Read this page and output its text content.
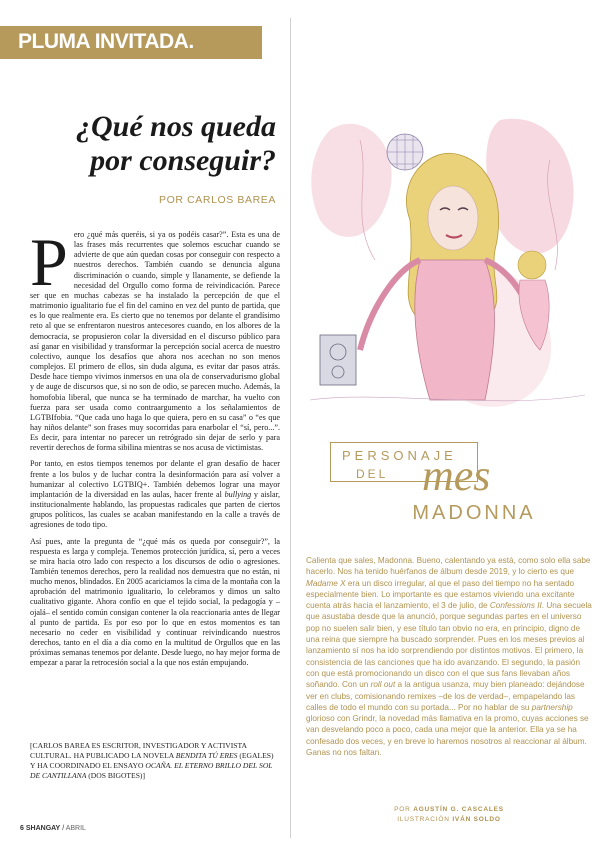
PLUMA INVITADA.
¿Qué nos queda
por conseguir?
POR CARLOS BAREA

Pero ¿qué más queréis, si ya os podéis casar?”. Esta es una de las frases más recurrentes que solemos escuchar cuando se advierte de que aún quedan cosas por conseguir con respecto a nuestros derechos. También cuando se denuncia alguna discriminación o cuando, simple y llanamente, se defiende la necesidad del Orgullo como forma de reivindicación. Parece ser que en muchas cabezas se ha instalado la percepción de que el matrimonio igualitario fue el fin del camino en vez del punto de partida, que es lo que realmente era. Es cierto que no tenemos por delante el grandísimo reto al que se enfrentaron nuestros antecesores cuando, en los albores de la democracia, se propusieron colar la diversidad en el discurso público para así ganar en visibilidad y transformar la percepción social acerca de nuestro colectivo, aunque los desafíos que ahora nos acechan no son menos complejos. El primero de ellos, sin duda alguna, es evitar dar pasos atrás. Desde hace tiempo vivimos inmersos en una ola de conservadurismo global y de auge de discursos que, si no son de odio, se parecen mucho. Además, la homofobia liberal, que nunca se ha terminado de marchar, ha vuelto con fuerza para ser usada como contraargumento a los señalamientos de LGTBIfobia. “Que cada uno haga lo que quiera, pero en su casa” o “es que hay niños delante” son frases muy socorridas para enarbolar el “sí, pero...”. Es decir, para intentar no parecer un retrógrado sin dejar de serlo y para revertir derechos de forma sibilina mientras se nos acusa de victimistas.

Por tanto, en estos tiempos tenemos por delante el gran desafío de hacer frente a los bulos y de luchar contra la desinformación para así volver a humanizar al colectivo LGTBIQ+. También debemos lograr una mayor implantación de la diversidad en las aulas, hacer frente al bullying y aislar, institucionalmente hablando, las propuestas radicales que parten de ciertos grupos políticos, las cuales se acaban manifestando en la calle a través de agresiones de todo tipo.

Así pues, ante la pregunta de “¿qué más os queda por conseguir?”, la respuesta es larga y compleja. Tenemos protección jurídica, sí, pero a veces se mira hacia otro lado con respecto a los discursos de odio o agresiones. También tenemos derechos, pero la realidad nos demuestra que no están, ni mucho menos, blindados. En 2005 acariciamos la cima de la montaña con la aprobación del matrimonio igualitario, lo celebramos y dimos un salto cualitativo gigante. Ahora confío en que el tejido social, la pedagogía y –ojalá– el sentido común consigan contener la ola reaccionaria antes de llegar al punto de partida. Es por eso por lo que en estos momentos es tan necesario no ceder en visibilidad y continuar reivindicando nuestros derechos, tanto en el día a día como en la multitud de Orgullos que en las próximas semanas tenemos por delante. Desde luego, no hay mejor forma de empezar a parar la retrocesión social a la que nos están empujando.

[CARLOS BAREA ES ESCRITOR, INVESTIGADOR Y ACTIVISTA CULTURAL. HA PUBLICADO LA NOVELA BENDITA TÚ ERES (EGALES) Y HA COORDINADO EL ENSAYO OCAÑA. EL ETERNO BRILLO DEL SOL DE CANTILLANA (DOS BIGOTES)]
6 SHANGAY / ABRIL
PERSONAJE
DEL mes
MADONNA
Calienta que sales, Madonna. Bueno, calentando ya está, como solo ella sabe hacerlo. Nos ha tenido huérfanos de álbum desde 2019, y lo cierto es que Madame X era un disco irregular, al que el paso del tiempo no ha sentado especialmente bien. Lo importante es que estamos viviendo una excitante cuenta atrás hacia el lanzamiento, el 3 de julio, de Confessions II. Una secuela que asustaba desde que la anunció, porque segundas partes en el universo pop no suelen salir bien, y ese título tan obvio no era, en principio, digno de una reina que siempre ha buscado sorprender. Pues en los meses previos al lanzamiento sí nos ha ido sorprendiendo por distintos motivos. El primero, la consistencia de las canciones que ha ido avanzando. El segundo, la pasión con que está promocionando un disco con el que sus fans llevaban años soñando. Con un roll out a la antigua usanza, muy bien planeado: dejándose ver en clubs, comisionando remixes –de los de verdad–, empapelando las calles de todo el mundo con su portada... Por no hablar de su partnership glorioso con Grindr, la novedad más llamativa en la promo, cuyas acciones se van desvelando poco a poco, cada una mejor que la anterior. Ella ya se ha confesado dos veces, y en breve lo haremos nosotros al reaccionar al álbum. Ganas no nos faltan.
POR AGUSTÍN G. CASCALES
ILUSTRACIÓN IVÁN SOLDO
